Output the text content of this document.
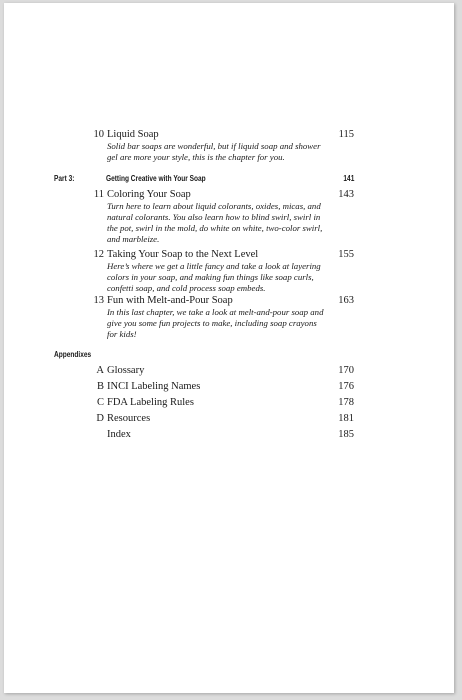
10 Liquid Soap	115
Solid bar soaps are wonderful, but if liquid soap and shower gel are more your style, this is the chapter for you.
Part 3:	Getting Creative with Your Soap	141
11 Coloring Your Soap	143
Turn here to learn about liquid colorants, oxides, micas, and natural colorants. You also learn how to blind swirl, swirl in the pot, swirl in the mold, do white on white, two-color swirl, and marbleize.
12 Taking Your Soap to the Next Level	155
Here’s where we get a little fancy and take a look at layering colors in your soap, and making fun things like soap curls, confetti soap, and cold process soap embeds.
13 Fun with Melt-and-Pour Soap	163
In this last chapter, we take a look at melt-and-pour soap and give you some fun projects to make, including soap crayons for kids!
Appendixes
A Glossary	170
B INCI Labeling Names	176
C FDA Labeling Rules	178
D Resources	181
Index	185
